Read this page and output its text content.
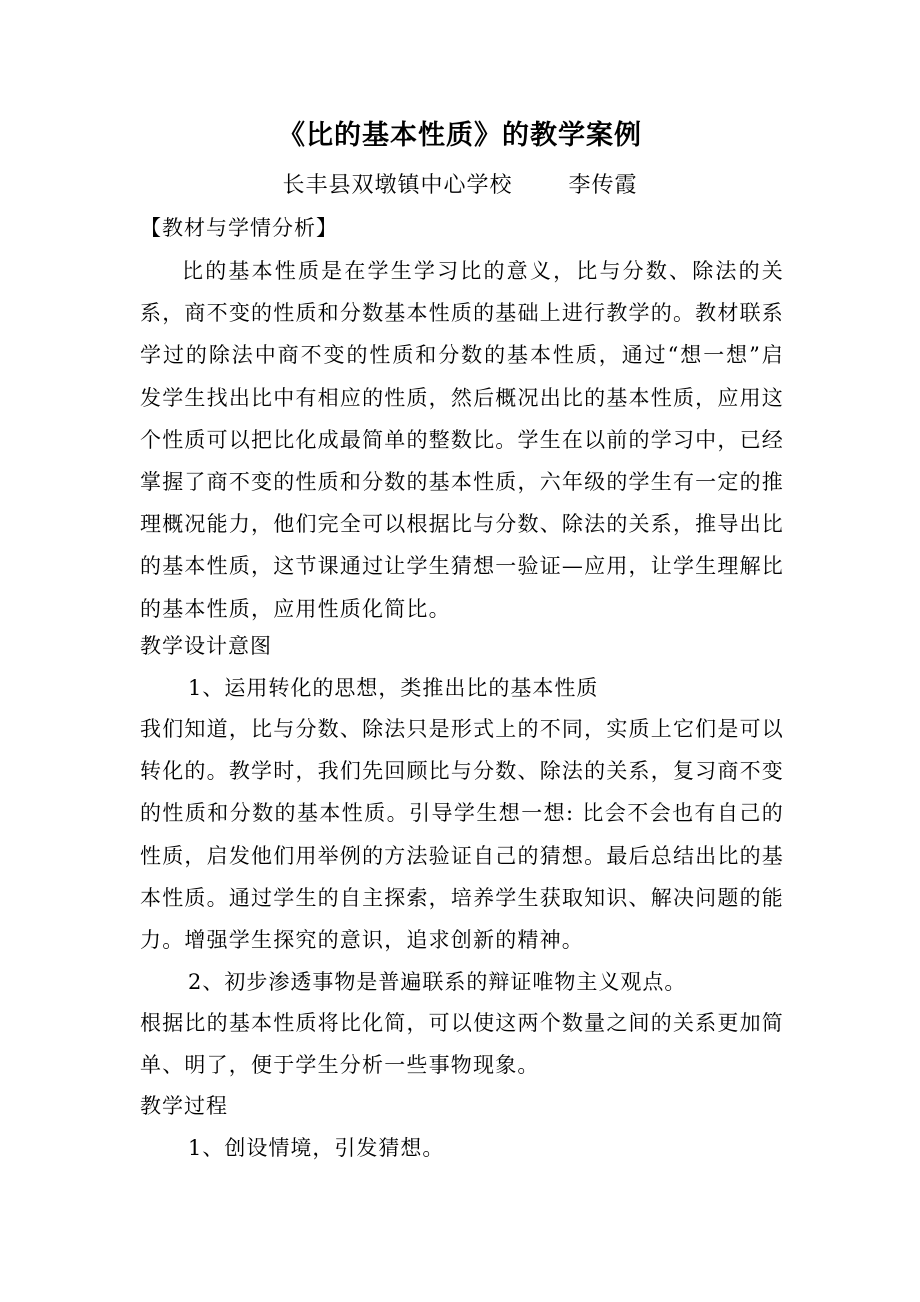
《比的基本性质》的教学案例
长丰县双墩镇中心学校	李传霞
【教材与学情分析】

比的基本性质是在学生学习比的意义，比与分数、除法的关系，商不变的性质和分数基本性质的基础上进行教学的。教材联系学过的除法中商不变的性质和分数的基本性质，通过“想一想”启发学生找出比中有相应的性质，然后概况出比的基本性质，应用这个性质可以把比化成最简单的整数比。学生在以前的学习中，已经掌握了商不变的性质和分数的基本性质，六年级的学生有一定的推理概况能力，他们完全可以根据比与分数、除法的关系，推导出比的基本性质，这节课通过让学生猜想一验证—应用，让学生理解比的基本性质，应用性质化简比。

教学设计意图
1、运用转化的思想，类推出比的基本性质

我们知道，比与分数、除法只是形式上的不同，实质上它们是可以转化的。教学时，我们先回顾比与分数、除法的关系，复习商不变的性质和分数的基本性质。引导学生想一想: 比会不会也有自己的性质，启发他们用举例的方法验证自己的猜想。最后总结出比的基本性质。通过学生的自主探索，培养学生获取知识、解决问题的能力。增强学生探究的意识，追求创新的精神。

2、初步渗透事物是普遍联系的辩证唯物主义观点。

根据比的基本性质将比化简，可以使这两个数量之间的关系更加简单、明了，便于学生分析一些事物现象。

教学过程
1、创设情境，引发猜想。
